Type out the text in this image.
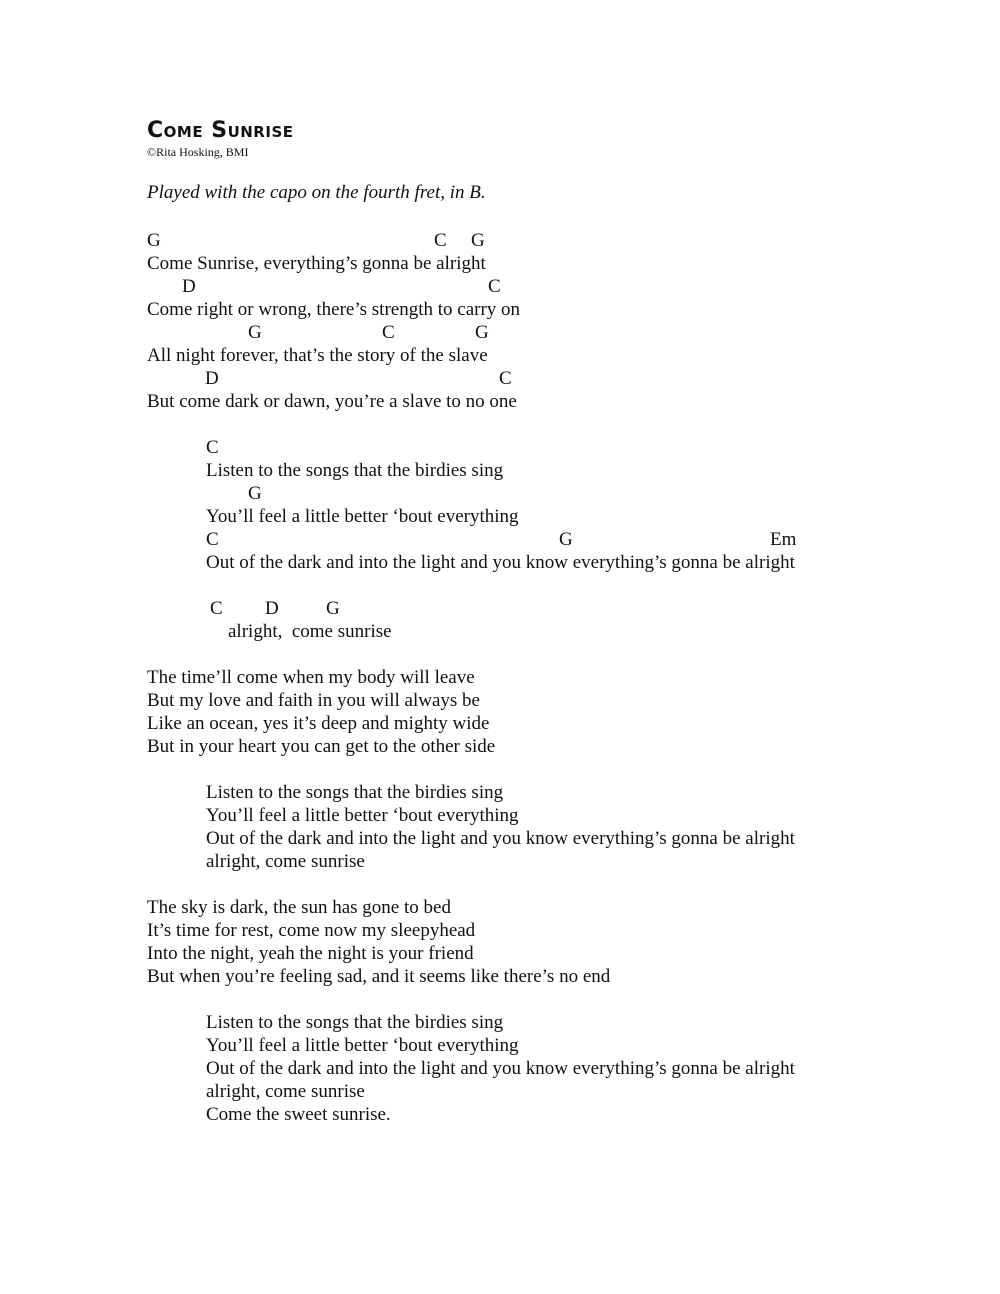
Come Sunrise

©Rita Hosking, BMI

Played with the capo on the fourth fret, in B.

G	C G

Come Sunrise, everything’s gonna be alright

D	C

Come right or wrong, there’s strength to carry on

G	C	G

All night forever, that’s the story of the slave

D	C

But come dark or dawn, you’re a slave to no one

C

Listen to the songs that the birdies sing

G

You’ll feel a little better ‘bout everything

C	G	Em

Out of the dark and into the light and you know everything’s gonna be alright

C D G

alright,  come sunrise

The time’ll come when my body will leave

But my love and faith in you will always be

Like an ocean, yes it’s deep and mighty wide

But in your heart you can get to the other side

Listen to the songs that the birdies sing

You’ll feel a little better ‘bout everything

Out of the dark and into the light and you know everything’s gonna be alright

alright, come sunrise

The sky is dark, the sun has gone to bed

It’s time for rest, come now my sleepyhead

Into the night, yeah the night is your friend

But when you’re feeling sad, and it seems like there’s no end

Listen to the songs that the birdies sing

You’ll feel a little better ‘bout everything

Out of the dark and into the light and you know everything’s gonna be alright

alright, come sunrise

Come the sweet sunrise.
